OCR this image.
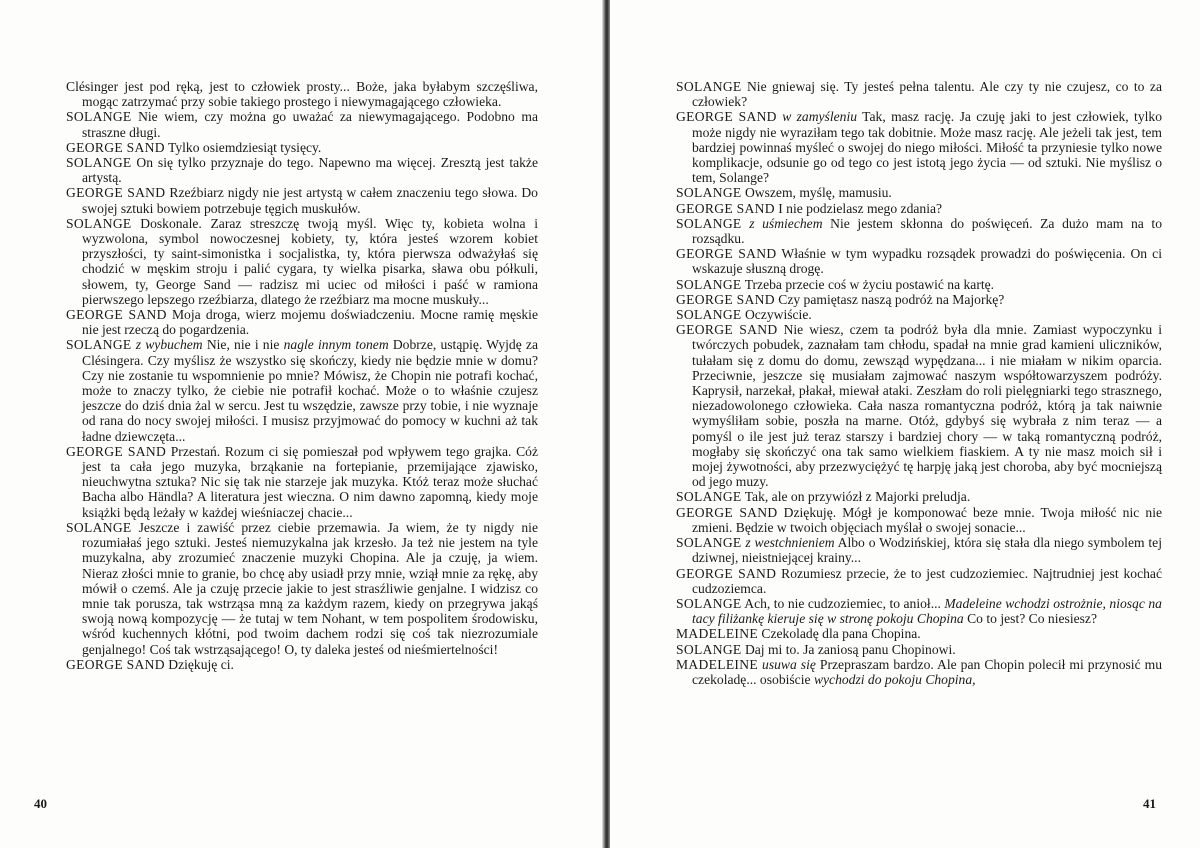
Clésinger jest pod ręką, jest to człowiek prosty... Boże, jaka byłabym szczęśliwa, mogąc zatrzymać przy sobie takiego prostego i niewymagającego człowieka.

SOLANGE Nie wiem, czy można go uważać za niewymagającego. Podobno ma straszne długi.

GEORGE SAND Tylko osiemdziesiąt tysięcy.

SOLANGE On się tylko przyznaje do tego. Napewno ma więcej. Zresztą jest także artystą.

GEORGE SAND Rzeźbiarz nigdy nie jest artystą w całem znaczeniu tego słowa. Do swojej sztuki bowiem potrzebuje tęgich muskułów.

SOLANGE Doskonale. Zaraz streszczę twoją myśl. Więc ty, kobieta wolna i wyzwolona, symbol nowoczesnej kobiety, ty, która jesteś wzorem kobiet przyszłości, ty saint-simonistka i socjalistka, ty, która pierwsza odważyłaś się chodzić w męskim stroju i palić cygara, ty wielka pisarka, sława obu półkuli, słowem, ty, George Sand — radzisz mi uciec od miłości i paść w ramiona pierwszego lepszego rzeźbiarza, dlatego że rzeźbiarz ma mocne muskuły...

GEORGE SAND Moja droga, wierz mojemu doświadczeniu. Mocne ramię męskie nie jest rzeczą do pogardzenia.

SOLANGE z wybuchem Nie, nie i nie nagle innym tonem Dobrze, ustąpię. Wyjdę za Clésingera. Czy myślisz że wszystko się skończy, kiedy nie będzie mnie w domu? Czy nie zostanie tu wspomnienie po mnie? Mówisz, że Chopin nie potrafi kochać, może to znaczy tylko, że ciebie nie potrafił kochać. Może o to właśnie czujesz jeszcze do dziś dnia żal w sercu. Jest tu wszędzie, zawsze przy tobie, i nie wyznaje od rana do nocy swojej miłości. I musisz przyjmować do pomocy w kuchni aż tak ładne dziewczęta...

GEORGE SAND Przestań. Rozum ci się pomieszał pod wpływem tego grajka. Cóż jest ta cała jego muzyka, brząkanie na fortepianie, przemijające zjawisko, nieuchwytna sztuka? Nic się tak nie starzeje jak muzyka. Któż teraz może słuchać Bacha albo Händla? A literatura jest wieczna. O nim dawno zapomną, kiedy moje książki będą leżały w każdej wieśniaczej chacie...

SOLANGE Jeszcze i zawiść przez ciebie przemawia. Ja wiem, że ty nigdy nie rozumiałaś jego sztuki. Jesteś niemuzykalna jak krzesło. Ja też nie jestem na tyle muzykalna, aby zrozumieć znaczenie muzyki Chopina. Ale ja czuję, ja wiem. Nieraz złości mnie to granie, bo chcę aby usiadł przy mnie, wziął mnie za rękę, aby mówił o czemś. Ale ja czuję przecie jakie to jest strasźliwie genjalne. I widzisz co mnie tak porusza, tak wstrząsa mną za każdym razem, kiedy on przegrywa jakąś swoją nową kompozycję — że tutaj w tem Nohant, w tem pospolitem środowisku, wśród kuchennych kłótni, pod twoim dachem rodzi się coś tak niezrozumiale genjalnego! Coś tak wstrząsającego! O, ty daleka jesteś od nieśmiertelności!

GEORGE SAND Dziękuję ci.

40

SOLANGE Nie gniewaj się. Ty jesteś pełna talentu. Ale czy ty nie czujesz, co to za człowiek?

GEORGE SAND w zamyśleniu Tak, masz rację. Ja czuję jaki to jest człowiek, tylko może nigdy nie wyraziłam tego tak dobitnie. Może masz rację. Ale jeżeli tak jest, tem bardziej powinnaś myśleć o swojej do niego miłości. Miłość ta przyniesie tylko nowe komplikacje, odsunie go od tego co jest istotą jego życia — od sztuki. Nie myślisz o tem, Solange?

SOLANGE Owszem, myślę, mamusiu.

GEORGE SAND I nie podzielasz mego zdania?

SOLANGE z uśmiechem Nie jestem skłonna do poświęceń. Za dużo mam na to rozsądku.

GEORGE SAND Właśnie w tym wypadku rozsądek prowadzi do poświęcenia. On ci wskazuje słuszną drogę.

SOLANGE Trzeba przecie coś w życiu postawić na kartę.

GEORGE SAND Czy pamiętasz naszą podróż na Majorkę?

SOLANGE Oczywiście.

GEORGE SAND Nie wiesz, czem ta podróż była dla mnie. Zamiast wypoczynku i twórczych pobudek, zaznałam tam chłodu, spadał na mnie grad kamieni uliczników, tułałam się z domu do domu, zewsząd wypędzana... i nie miałam w nikim oparcia. Przeciwnie, jeszcze się musiałam zajmować naszym współtowarzyszem podróży. Kaprysił, narzekał, płakał, miewał ataki. Zeszłam do roli pielęgniarki tego strasznego, niezadowolonego człowieka. Cała nasza romantyczna podróż, którą ja tak naiwnie wymyśliłam sobie, poszła na marne. Otóż, gdybyś się wybrała z nim teraz — a pomyśl o ile jest już teraz starszy i bardziej chory — w taką romantyczną podróż, mogłaby się skończyć ona tak samo wielkiem fiaskiem. A ty nie masz moich sił i mojej żywotności, aby przezwyciężyć tę harpję jaką jest choroba, aby być mocniejszą od jego muzy.

SOLANGE Tak, ale on przywiózł z Majorki preludja.

GEORGE SAND Dziękuję. Mógł je komponować beze mnie. Twoja miłość nic nie zmieni. Będzie w twoich objęciach myślał o swojej sonacie...

SOLANGE z westchnieniem Albo o Wodzińskiej, która się stała dla niego symbolem tej dziwnej, nieistniejącej krainy...

GEORGE SAND Rozumiesz przecie, że to jest cudzoziemiec. Najtrudniej jest kochać cudzoziemca.

SOLANGE Ach, to nie cudzoziemiec, to anioł... Madeleine wchodzi ostrożnie, niosąc na tacy filiżankę kieruje się w stronę pokoju Chopina Co to jest? Co niesiesz?

MADELEINE Czekoladę dla pana Chopina.

SOLANGE Daj mi to. Ja zaniosą panu Chopinowi.

MADELEINE usuwa się Przepraszam bardzo. Ale pan Chopin polecił mi przynosić mu czekoladę... osobiście wychodzi do pokoju Chopina,

41
